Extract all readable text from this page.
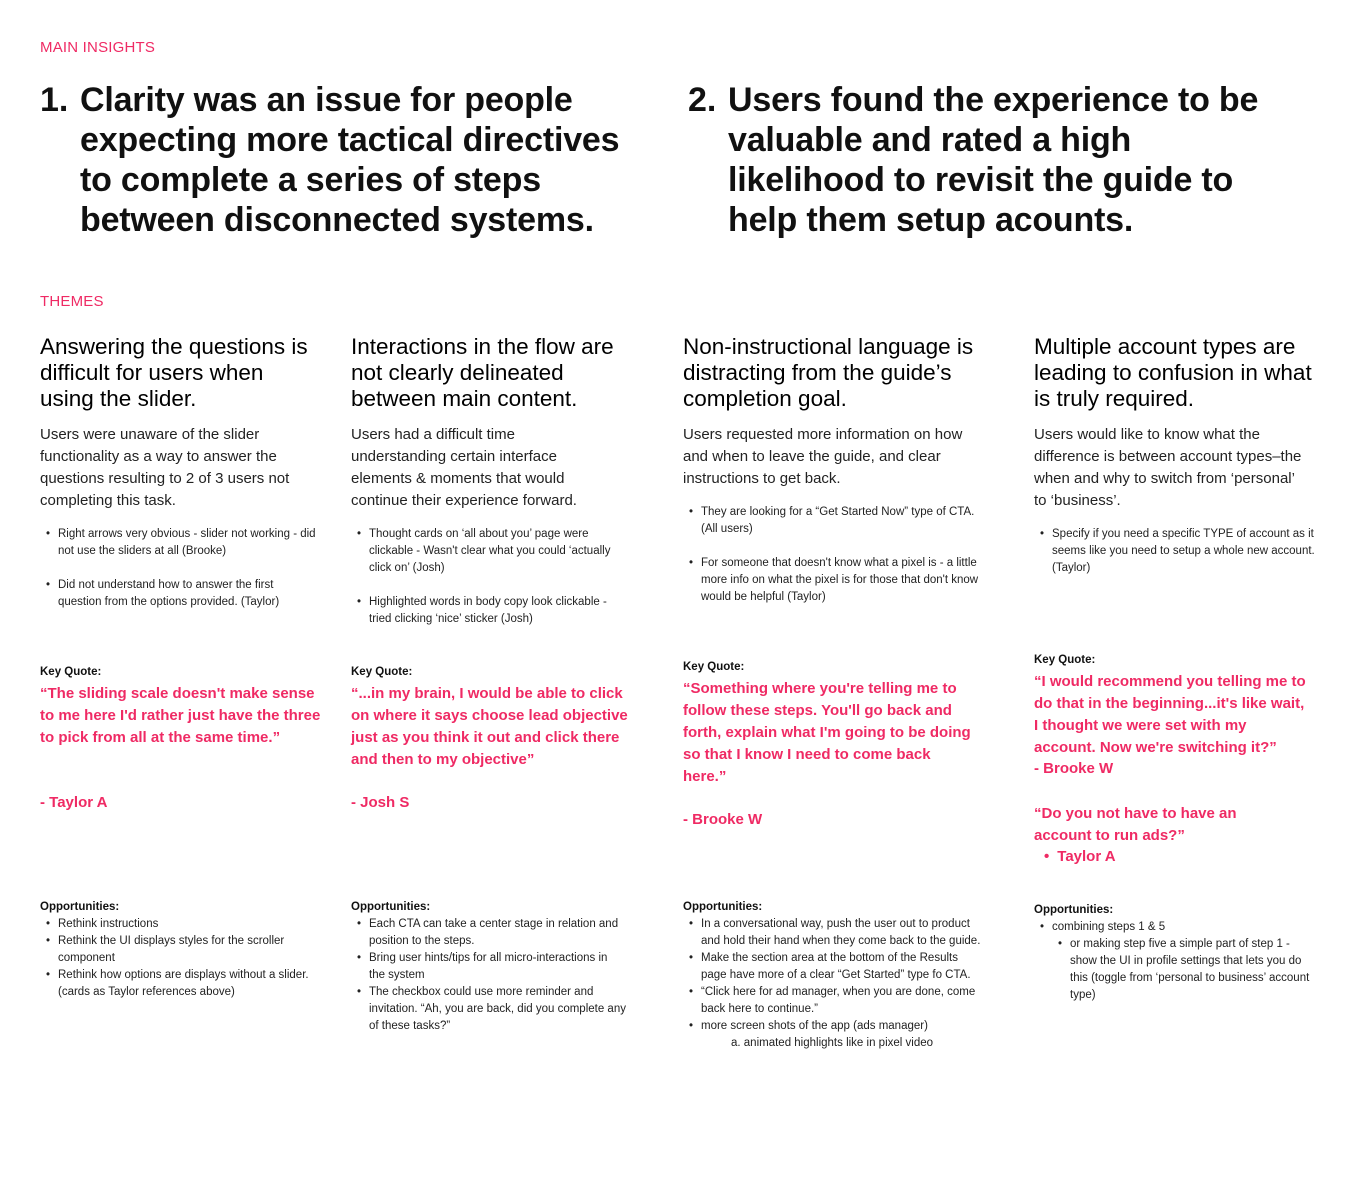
MAIN INSIGHTS
1. Clarity was an issue for people expecting more tactical directives to complete a series of steps between disconnected systems.
2. Users found the experience to be valuable and rated a high likelihood to revisit the guide to help them setup acounts.
THEMES
Answering the questions is difficult for users when using the slider.

Users were unaware of the slider functionality as a way to answer the questions resulting to 2 of 3 users not completing this task.

• Right arrows very obvious - slider not working - did not use the sliders at all (Brooke)
• Did not understand how to answer the first question from the options provided. (Taylor)
Key Quote:
“The sliding scale doesn't make sense to me here I'd rather just have the three to pick from all at the same time.”
- Taylor A
Opportunities:
• Rethink instructions
• Rethink the UI displays styles for the scroller component
• Rethink how options are displays without a slider. (cards as Taylor references above)
Interactions in the flow are not clearly delineated between main content.

Users had a difficult time understanding certain interface elements & moments that would continue their experience forward.

• Thought cards on ‘all about you’ page were clickable - Wasn't clear what you could ‘actually click on’ (Josh)
• Highlighted words in body copy look clickable - tried clicking ‘nice’ sticker (Josh)
Key Quote:
“...in my brain, I would be able to click on where it says choose lead objective just as you think it out and click there and then to my objective”
- Josh S
Opportunities:
• Each CTA can take a center stage in relation and position to the steps.
• Bring user hints/tips for all micro-interactions in the system
• The checkbox could use more reminder and invitation. “Ah, you are back, did you complete any of these tasks?”
Non-instructional language is distracting from the guide’s completion goal.

Users requested more information on how and when to leave the guide, and clear instructions to get back.

• They are looking for a “Get Started Now” type of CTA. (All users)
• For someone that doesn't know what a pixel is - a little more info on what the pixel is for those that don't know would be helpful (Taylor)
Key Quote:
“Something where you're telling me to follow these steps. You'll go back and forth, explain what I'm going to be doing so that I know I need to come back here.”
- Brooke W
Opportunities:
• In a conversational way, push the user out to product and hold their hand when they come back to the guide.
• Make the section area at the bottom of the Results page have more of a clear “Get Started” type fo CTA.
• “Click here for ad manager, when you are done, come back here to continue.”
• more screen shots of the app (ads manager)
a. animated highlights like in pixel video
Multiple account types are leading to confusion in what is truly required.

Users would like to know what the difference is between account types–the when and why to switch from ‘personal’ to ‘business’.

• Specify if you need a specific TYPE of account as it seems like you need to setup a whole new account. (Taylor)
Key Quote:
“I would recommend you telling me to do that in the beginning...it's like wait, I thought we were set with my account. Now we're switching it?”
- Brooke W
“Do you not have to have an account to run ads?”
• Taylor A
Opportunities:
• combining steps 1 & 5
• or making step five a simple part of step 1 - show the UI in profile settings that lets you do this (toggle from ‘personal to business’ account type)
